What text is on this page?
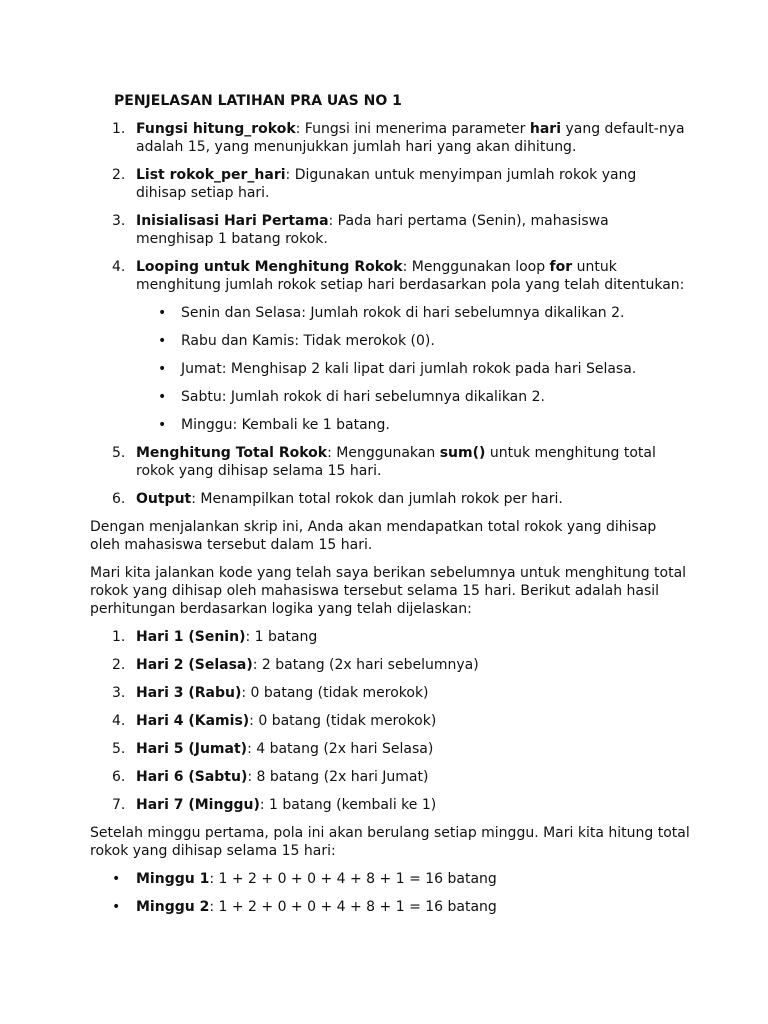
PENJELASAN LATIHAN PRA UAS NO 1
1. Fungsi hitung_rokok: Fungsi ini menerima parameter hari yang default-nya adalah 15, yang menunjukkan jumlah hari yang akan dihitung.
2. List rokok_per_hari: Digunakan untuk menyimpan jumlah rokok yang dihisap setiap hari.
3. Inisialisasi Hari Pertama: Pada hari pertama (Senin), mahasiswa menghisap 1 batang rokok.
4. Looping untuk Menghitung Rokok: Menggunakan loop for untuk menghitung jumlah rokok setiap hari berdasarkan pola yang telah ditentukan:
• Senin dan Selasa: Jumlah rokok di hari sebelumnya dikalikan 2.
• Rabu dan Kamis: Tidak merokok (0).
• Jumat: Menghisap 2 kali lipat dari jumlah rokok pada hari Selasa.
• Sabtu: Jumlah rokok di hari sebelumnya dikalikan 2.
• Minggu: Kembali ke 1 batang.
5. Menghitung Total Rokok: Menggunakan sum() untuk menghitung total rokok yang dihisap selama 15 hari.
6. Output: Menampilkan total rokok dan jumlah rokok per hari.

Dengan menjalankan skrip ini, Anda akan mendapatkan total rokok yang dihisap oleh mahasiswa tersebut dalam 15 hari.

Mari kita jalankan kode yang telah saya berikan sebelumnya untuk menghitung total rokok yang dihisap oleh mahasiswa tersebut selama 15 hari. Berikut adalah hasil perhitungan berdasarkan logika yang telah dijelaskan:

1. Hari 1 (Senin): 1 batang
2. Hari 2 (Selasa): 2 batang (2x hari sebelumnya)
3. Hari 3 (Rabu): 0 batang (tidak merokok)
4. Hari 4 (Kamis): 0 batang (tidak merokok)
5. Hari 5 (Jumat): 4 batang (2x hari Selasa)
6. Hari 6 (Sabtu): 8 batang (2x hari Jumat)
7. Hari 7 (Minggu): 1 batang (kembali ke 1)

Setelah minggu pertama, pola ini akan berulang setiap minggu. Mari kita hitung total rokok yang dihisap selama 15 hari:

• Minggu 1: 1 + 2 + 0 + 0 + 4 + 8 + 1 = 16 batang
• Minggu 2: 1 + 2 + 0 + 0 + 4 + 8 + 1 = 16 batang
